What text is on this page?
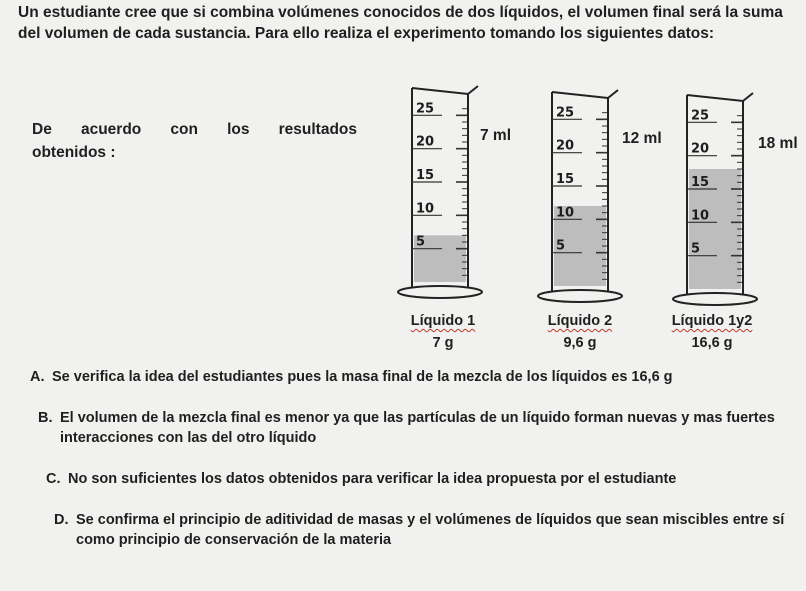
Un estudiante cree que si combina volúmenes conocidos de dos líquidos, el volumen final será la suma del volumen de cada sustancia. Para ello realiza el experimento tomando los siguientes datos:
De acuerdo con los resultados
obtenidos :
25
20
15
10
5
25
20
15
10
5
25
20
15
10
5
7 ml	12 ml	18 ml
Líquido 1
7 g
Líquido 2
9,6 g
Líquido 1y2
16,6 g
A. Se verifica la idea del estudiantes pues la masa final de la mezcla de los líquidos es 16,6 g
B. El volumen de la mezcla final es menor ya que las partículas de un líquido forman nuevas y mas fuertes interacciones con las del otro líquido
C. No son suficientes los datos obtenidos para verificar la idea propuesta por el estudiante
D. Se confirma el principio de aditividad de masas y el volúmenes de líquidos que sean miscibles entre sí como principio de conservación de la materia
